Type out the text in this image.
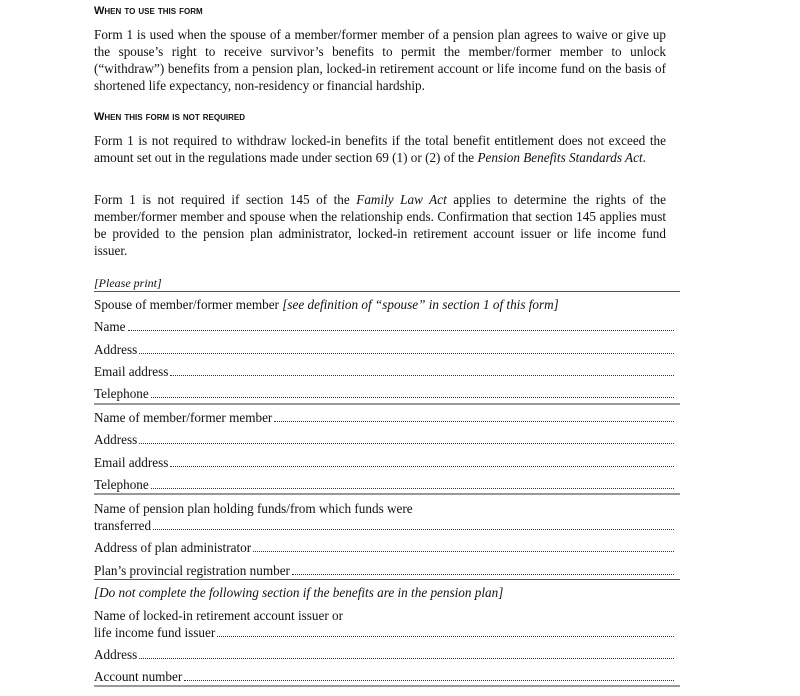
When to use this form

Form 1 is used when the spouse of a member/former member of a pension plan agrees to waive or give up the spouse’s right to receive survivor’s benefits to permit the member/former member to unlock (“withdraw”) benefits from a pension plan, locked-in retirement account or life income fund on the basis of shortened life expectancy, non-residency or financial hardship.

When this form is not required

Form 1 is not required to withdraw locked-in benefits if the total benefit entitlement does not exceed the amount set out in the regulations made under section 69 (1) or (2) of the Pension Benefits Standards Act.

Form 1 is not required if section 145 of the Family Law Act applies to determine the rights of the member/former member and spouse when the relationship ends. Confirmation that section 145 applies must be provided to the pension plan administrator, locked-in retirement account issuer or life income fund issuer.

[Please print]
Spouse of member/former member [see definition of “spouse” in section 1 of this form]
Name
Address
Email address
Telephone
Name of member/former member
Address
Email address
Telephone
Name of pension plan holding funds/from which funds were
transferred
Address of plan administrator
Plan’s provincial registration number
[Do not complete the following section if the benefits are in the pension plan]
Name of locked-in retirement account issuer or
life income fund issuer
Address
Account number
